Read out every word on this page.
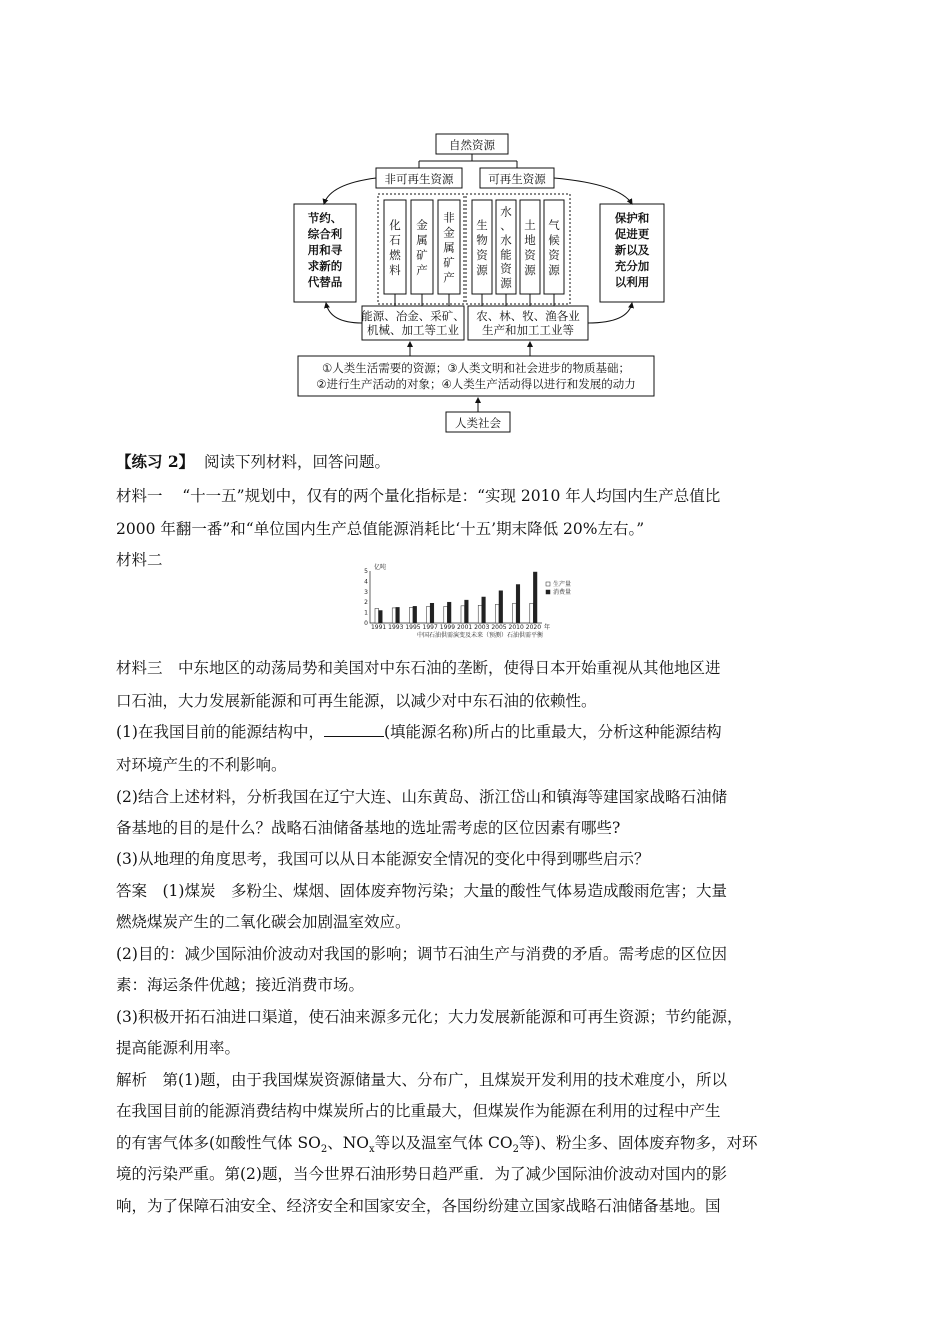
自然资源
非可再生资源	可再生资源
节约、
综合利
用和寻
求新的
代替品
保护和
促进更
新以及
充分加
以利用
化
石
燃
料
金
属
矿
产
非
金
属
矿
产
生
物
资
源
水
、
水
能
资
源
土
地
资
源
气
候
资
源
能源、冶金、采矿、
机械、加工等工业
农、林、牧、渔各业
生产和加工工业等
①人类生活需要的资源；③人类文明和社会进步的物质基础；
②进行生产活动的对象；④人类生产活动得以进行和发展的动力
人类社会
【练习 2】 阅读下列材料，回答问题。
材料一 “十一五”规划中，仅有的两个量化指标是：“实现 2010 年人均国内生产总值比
2000 年翻一番”和“单位国内生产总值能源消耗比‘十五’期末降低 20%左右。”
材料二	亿吨
中国石油供需演变及未来（预测）石油供需平衡
5
4
3
2
1
0
1991 1993 1995 1997 1999 2001 2003 2005 2010 2020 年
生产量
消费量
材料三　中东地区的动荡局势和美国对中东石油的垄断，使得日本开始重视从其他地区进
口石油，大力发展新能源和可再生能源，以减少对中东石油的依赖性。
(1)在我国目前的能源结构中，	(填能源名称)所占的比重最大，分析这种能源结构
对环境产生的不利影响。
(2)结合上述材料，分析我国在辽宁大连、山东黄岛、浙江岱山和镇海等建国家战略石油储
备基地的目的是什么？战略石油储备基地的选址需考虑的区位因素有哪些?
(3)从地理的角度思考，我国可以从日本能源安全情况的变化中得到哪些启示？
答案　(1)煤炭　多粉尘、煤烟、固体废弃物污染；大量的酸性气体易造成酸雨危害；大量
燃烧煤炭产生的二氧化碳会加剧温室效应。
(2)目的：减少国际油价波动对我国的影响；调节石油生产与消费的矛盾。需考虑的区位因
素：海运条件优越；接近消费市场。
(3)积极开拓石油进口渠道，使石油来源多元化；大力发展新能源和可再生资源；节约能源，
提高能源利用率。
解析　第(1)题，由于我国煤炭资源储量大、分布广，且煤炭开发利用的技术难度小，所以
在我国目前的能源消费结构中煤炭所占的比重最大，但煤炭作为能源在利用的过程中产生
的有害气体多(如酸性气体 $SO_2$、$NO_x$等以及温室气体 $CO_2$等)、粉尘多、固体废弃物多，对环
境的污染严重。第(2)题，当今世界石油形势日趋严重．为了减少国际油价波动对国内的影
响，为了保障石油安全、经济安全和国家安全，各国纷纷建立国家战略石油储备基地。国
